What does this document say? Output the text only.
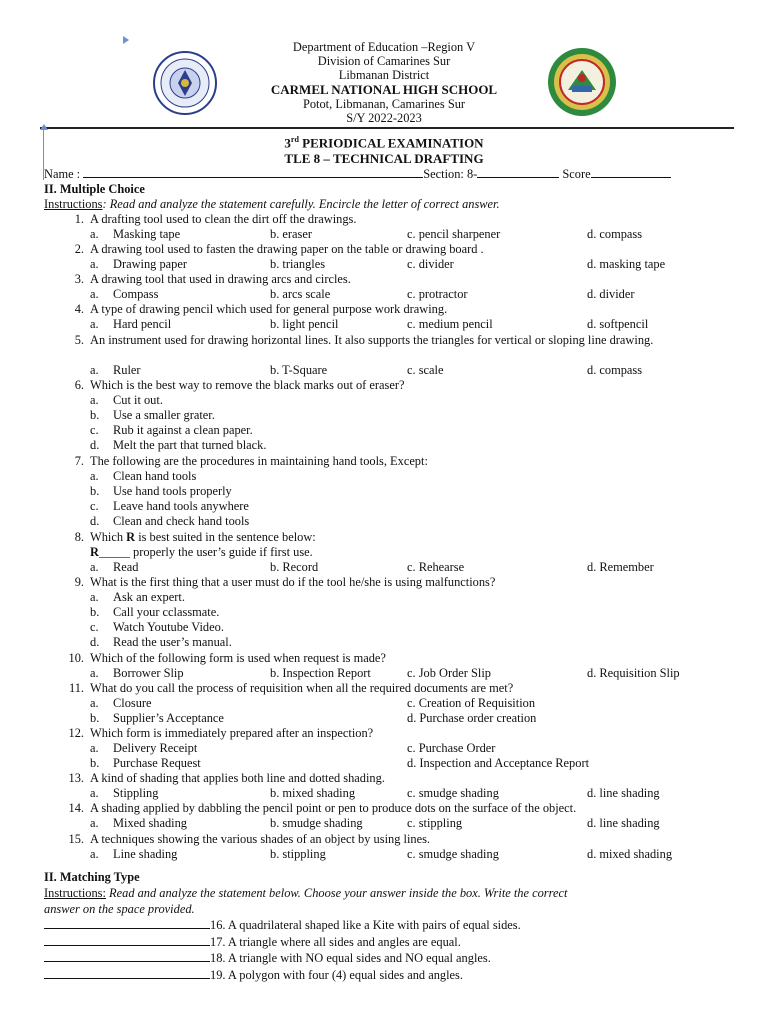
Department of Education –Region V
Division of Camarines Sur
Libmanan District
CARMEL NATIONAL HIGH SCHOOL
Potot, Libmanan, Camarines Sur
S/Y 2022-2023
3rd PERIODICAL EXAMINATION
TLE 8 – TECHNICAL DRAFTING
Name :	Section: 8-	Score
II. Multiple Choice
Instructions: Read and analyze the statement carefully. Encircle the letter of correct answer.
1. A drafting tool used to clean the dirt off the drawings.
a. Masking tape	b. eraser	c. pencil sharpener	d. compass
2. A drawing tool used to fasten the drawing paper on the table or drawing board .
a. Drawing paper	b. triangles	c. divider	d. masking tape
3. A drawing tool that used in drawing arcs and circles.
a. Compass	b. arcs scale	c. protractor	d. divider
4. A type of drawing pencil which used for general purpose work drawing.
a. Hard pencil	b. light pencil	c. medium pencil	d. softpencil
5. An instrument used for drawing horizontal lines. It also supports the triangles for vertical or sloping line drawing.
a. Ruler	b. T-Square	c. scale	d. compass
6. Which is the best way to remove the black marks out of eraser?
a. Cut it out.
b. Use a smaller grater.
c. Rub it against a clean paper.
d. Melt the part that turned black.
7. The following are the procedures in maintaining hand tools, Except:
a. Clean hand tools
b. Use hand tools properly
c. Leave hand tools anywhere
d. Clean and check hand tools
8. Which R is best suited in the sentence below:
R_____ properly the user’s guide if first use.
a. Read	b. Record	c. Rehearse	d. Remember
9. What is the first thing that a user must do if the tool he/she is using malfunctions?
a. Ask an expert.
b. Call your cclassmate.
c. Watch Youtube Video.
d. Read the user’s manual.
10. Which of the following form is used when request is made?
a. Borrower Slip	b. Inspection Report	c. Job Order Slip	d. Requisition Slip
11. What do you call the process of requisition when all the required documents are met?
a. Closure	c. Creation of Requisition
b. Supplier’s Acceptance	d. Purchase order creation
12. Which form is immediately prepared after an inspection?
a. Delivery Receipt	c. Purchase Order
b. Purchase Request	d. Inspection and Acceptance Report
13. A kind of shading that applies both line and dotted shading.
a. Stippling	b. mixed shading	c. smudge shading	d. line shading
14. A shading applied by dabbling the pencil point or pen to produce dots on the surface of the object.
a. Mixed shading	b. smudge shading	c. stippling	d. line shading
15. A techniques showing the various shades of an object by using lines.
a. Line shading	b. stippling	c. smudge shading	d. mixed shading
II. Matching Type
Instructions: Read and analyze the statement below. Choose your answer inside the box. Write the correct
answer on the space provided.
16. A quadrilateral shaped like a Kite with pairs of equal sides.
17. A triangle where all sides and angles are equal.
18. A triangle with NO equal sides and NO equal angles.
19. A polygon with four (4) equal sides and angles.
